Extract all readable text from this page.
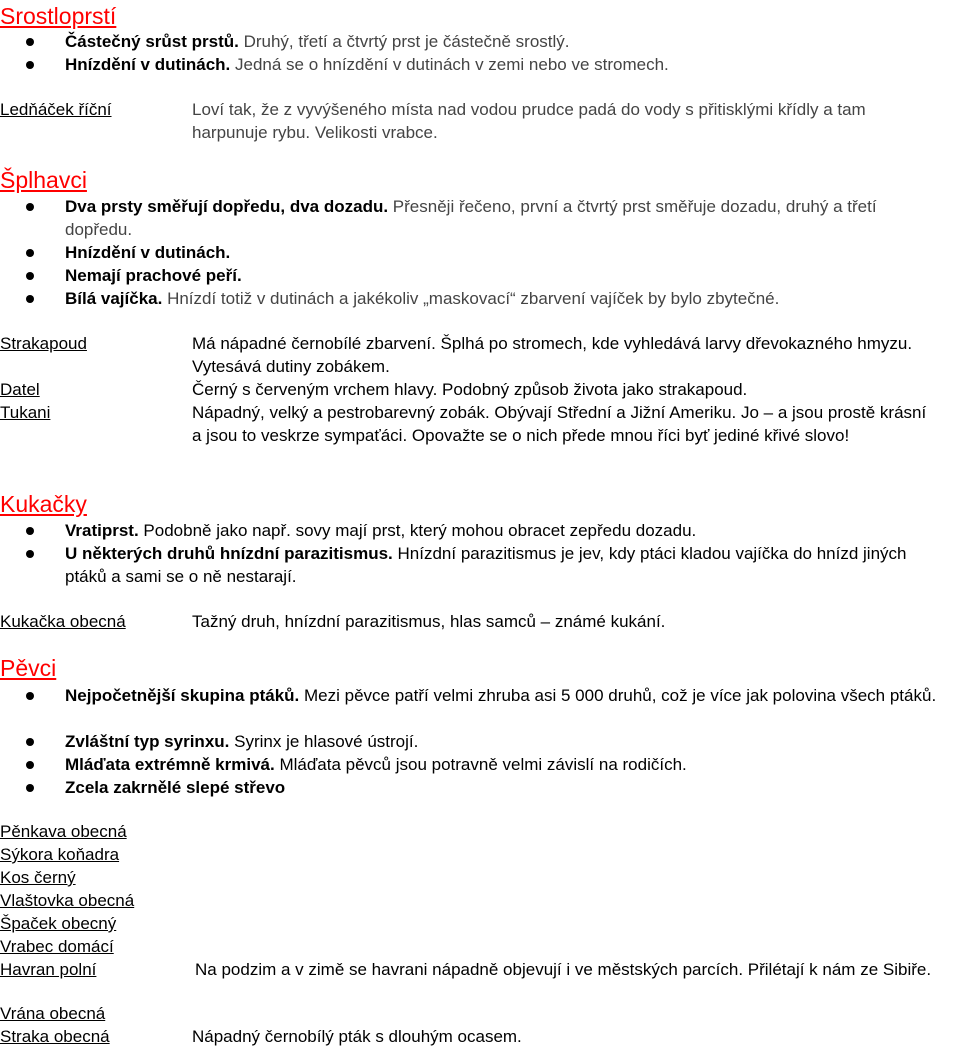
Srostloprstí
Částečný srůst prstů. Druhý, třetí a čtvrtý prst je částečně srostlý.
Hnízdění v dutinách. Jedná se o hnízdění v dutinách v zemi nebo ve stromech.
Ledňáček říční	Loví tak, že z vyvýšeného místa nad vodou prudce padá do vody s přitisklými křídly a tam harpunuje rybu. Velikosti vrabce.
Šplhavci
Dva prsty směřují dopředu, dva dozadu. Přesněji řečeno, první a čtvrtý prst směřuje dozadu, druhý a třetí dopředu.
Hnízdění v dutinách.
Nemají prachové peří.
Bílá vajíčka. Hnízdí totiž v dutinách a jakékoliv „maskovací“ zbarvení vajíček by bylo zbytečné.
Strakapoud	Má nápadné černobílé zbarvení. Šplhá po stromech, kde vyhledává larvy dřevokazného hmyzu. Vytesává dutiny zobákem.
Datel	Černý s červeným vrchem hlavy. Podobný způsob života jako strakapoud.
Tukani	Nápadný, velký a pestrobarevný zobák. Obývají Střední a Jižní Ameriku. Jo – a jsou prostě krásní a jsou to veskrze sympaťáci. Opovažte se o nich přede mnou říci byť jediné křivé slovo!
Kukačky
Vratiprst. Podobně jako např. sovy mají prst, který mohou obracet zepředu dozadu.
U některých druhů hnízdní parazitismus. Hnízdní parazitismus je jev, kdy ptáci kladou vajíčka do hnízd jiných ptáků a sami se o ně nestarají.
Kukačka obecná	Tažný druh, hnízdní parazitismus, hlas samců – známé kukání.
Pěvci
Nejpočetnější skupina ptáků. Mezi pěvce patří velmi zhruba asi 5 000 druhů, což je více jak polovina všech ptáků.
Zvláštní typ syrinxu. Syrinx je hlasové ústrojí.
Mláďata extrémně krmivá. Mláďata pěvců jsou potravně velmi závislí na rodičích.
Zcela zakrnělé slepé střevo
Pěnkava obecná
Sýkora koňadra
Kos černý
Vlaštovka obecná
Špaček obecný
Vrabec domácí
Havran polní	Na podzim a v zimě se havrani nápadně objevují i ve městských parcích. Přilétají k nám ze Sibiře.
Vrána obecná
Straka obecná	Nápadný černobílý pták s dlouhým ocasem.
